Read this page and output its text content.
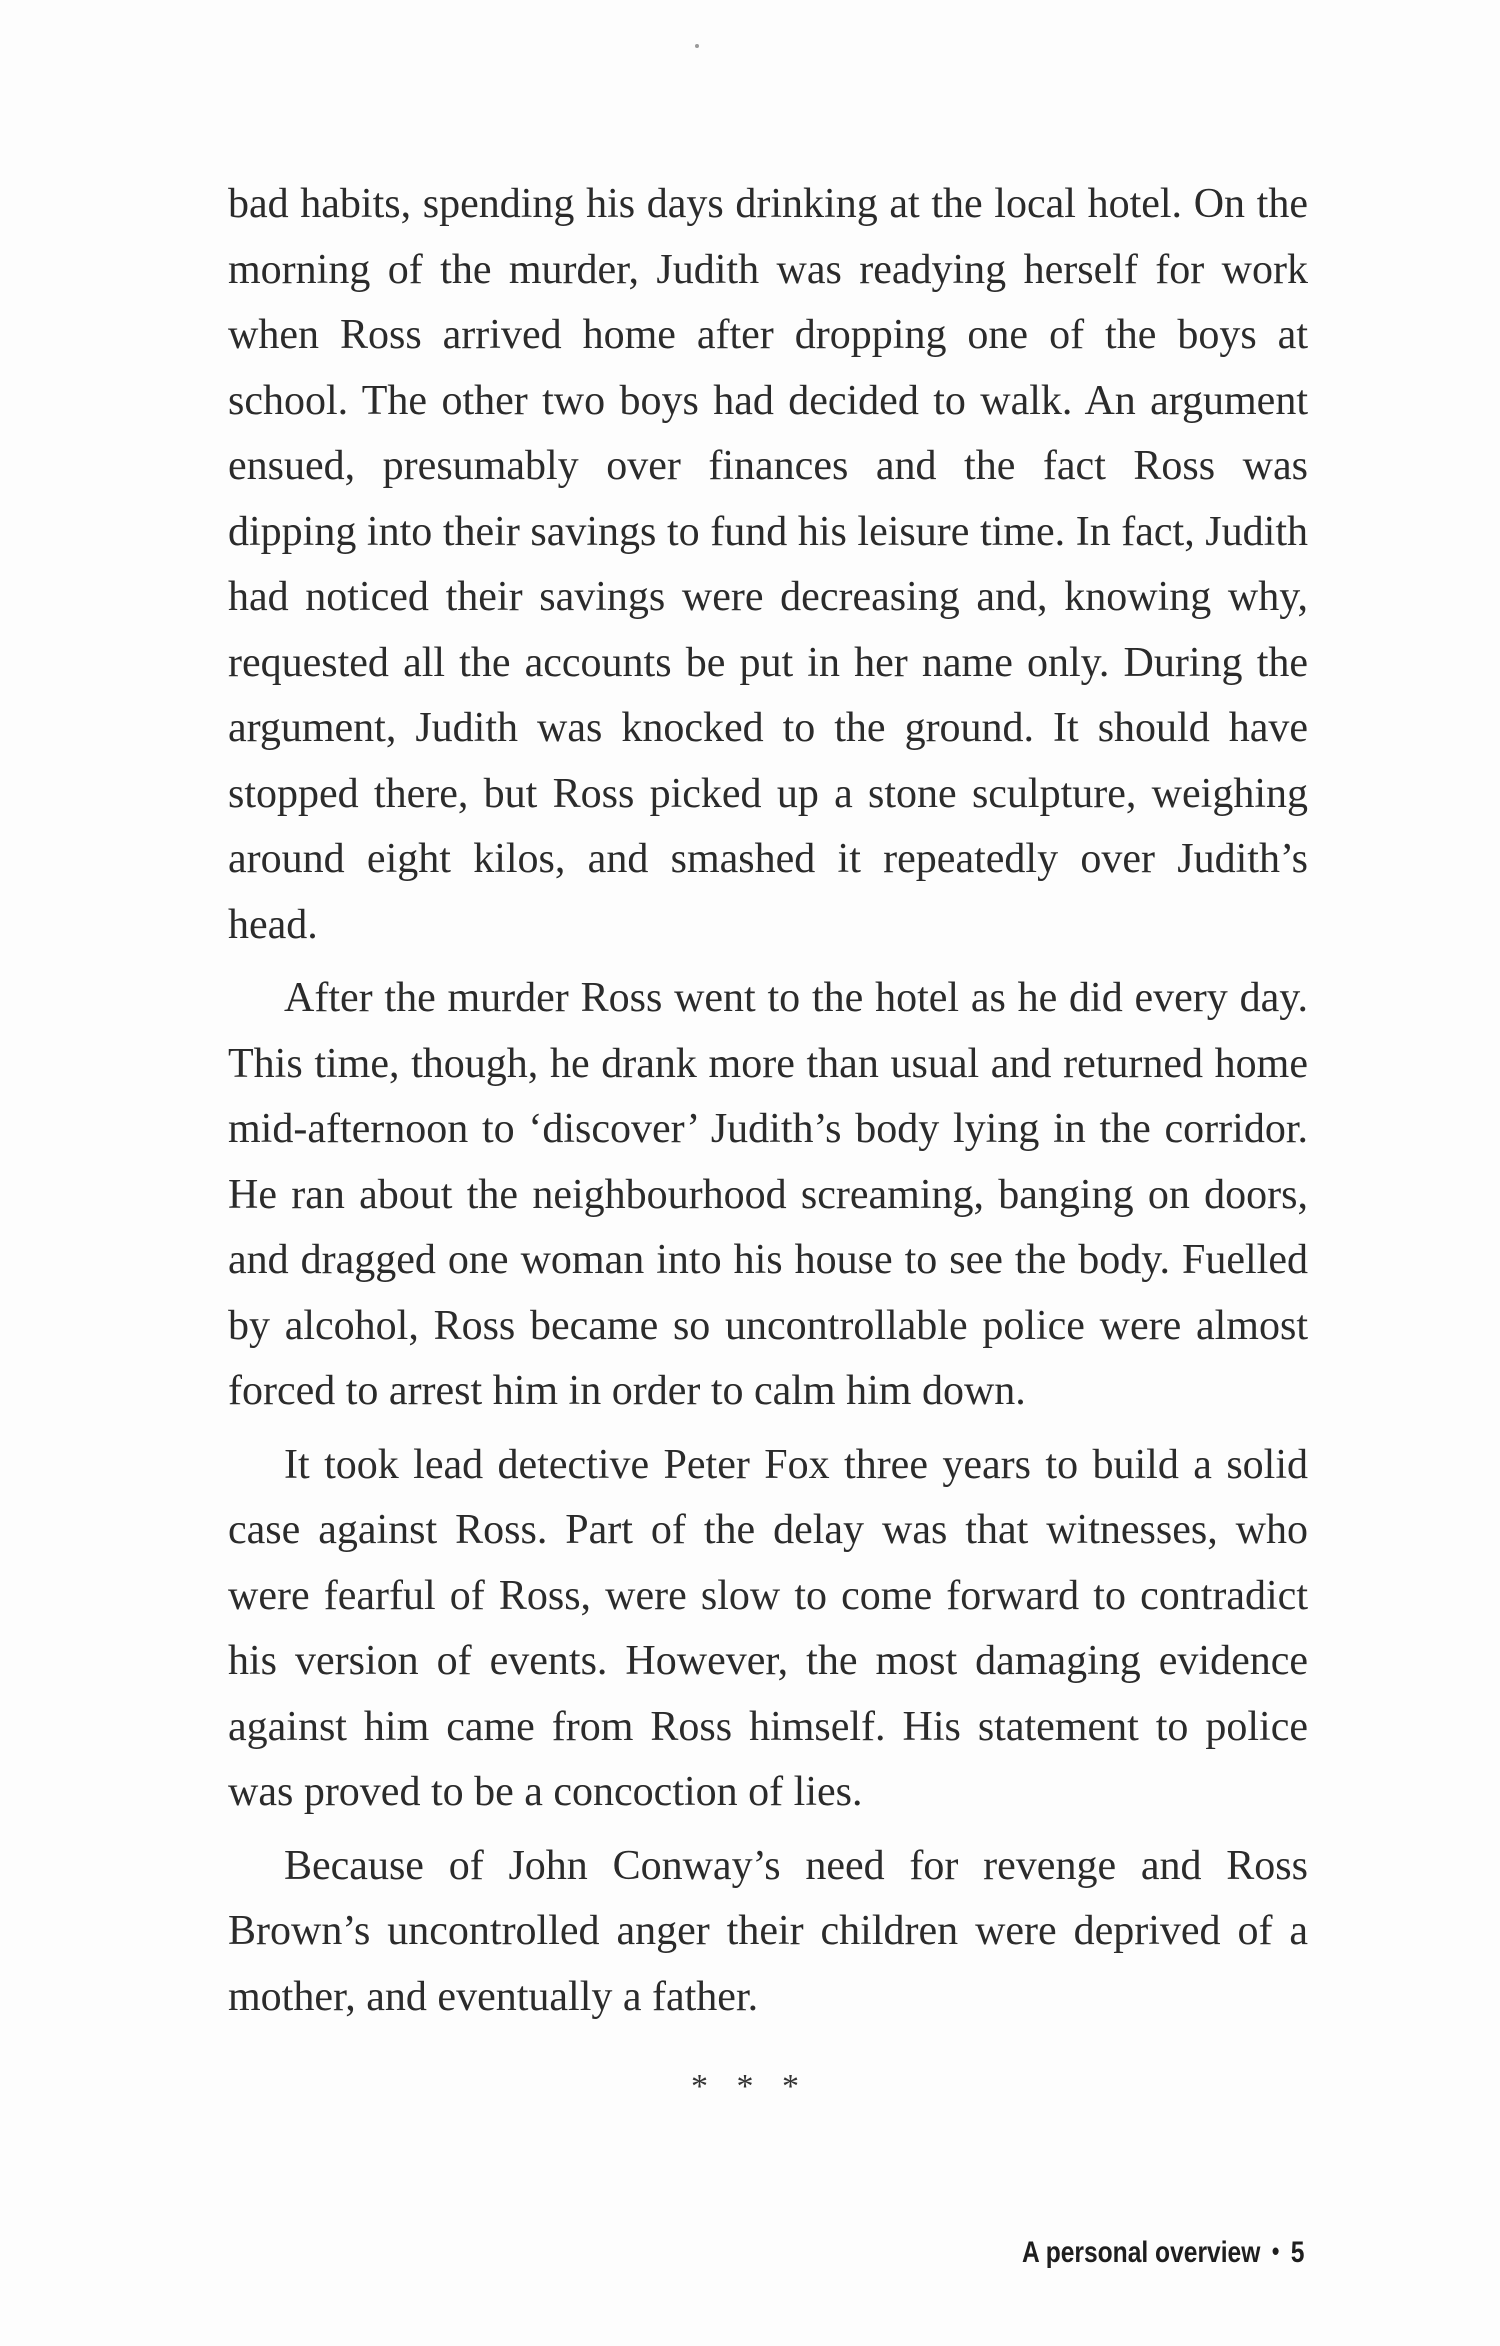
bad habits, spending his days drinking at the local hotel. On the morning of the murder, Judith was readying herself for work when Ross arrived home after dropping one of the boys at school. The other two boys had decided to walk. An argument ensued, presumably over finances and the fact Ross was dipping into their savings to fund his leisure time. In fact, Judith had noticed their savings were decreasing and, knowing why, requested all the accounts be put in her name only. During the argument, Judith was knocked to the ground. It should have stopped there, but Ross picked up a stone sculpture, weighing around eight kilos, and smashed it repeatedly over Judith’s head.

After the murder Ross went to the hotel as he did every day. This time, though, he drank more than usual and returned home mid-afternoon to ‘discover’ Judith’s body lying in the corridor. He ran about the neighbourhood screaming, banging on doors, and dragged one woman into his house to see the body. Fuelled by alcohol, Ross became so uncontrollable police were almost forced to arrest him in order to calm him down.

It took lead detective Peter Fox three years to build a solid case against Ross. Part of the delay was that witnesses, who were fearful of Ross, were slow to come forward to contradict his version of events. However, the most damaging evidence against him came from Ross himself. His statement to police was proved to be a concoction of lies.

Because of John Conway’s need for revenge and Ross Brown’s uncontrolled anger their children were deprived of a mother, and eventually a father.

* * *
A personal overview • 5
